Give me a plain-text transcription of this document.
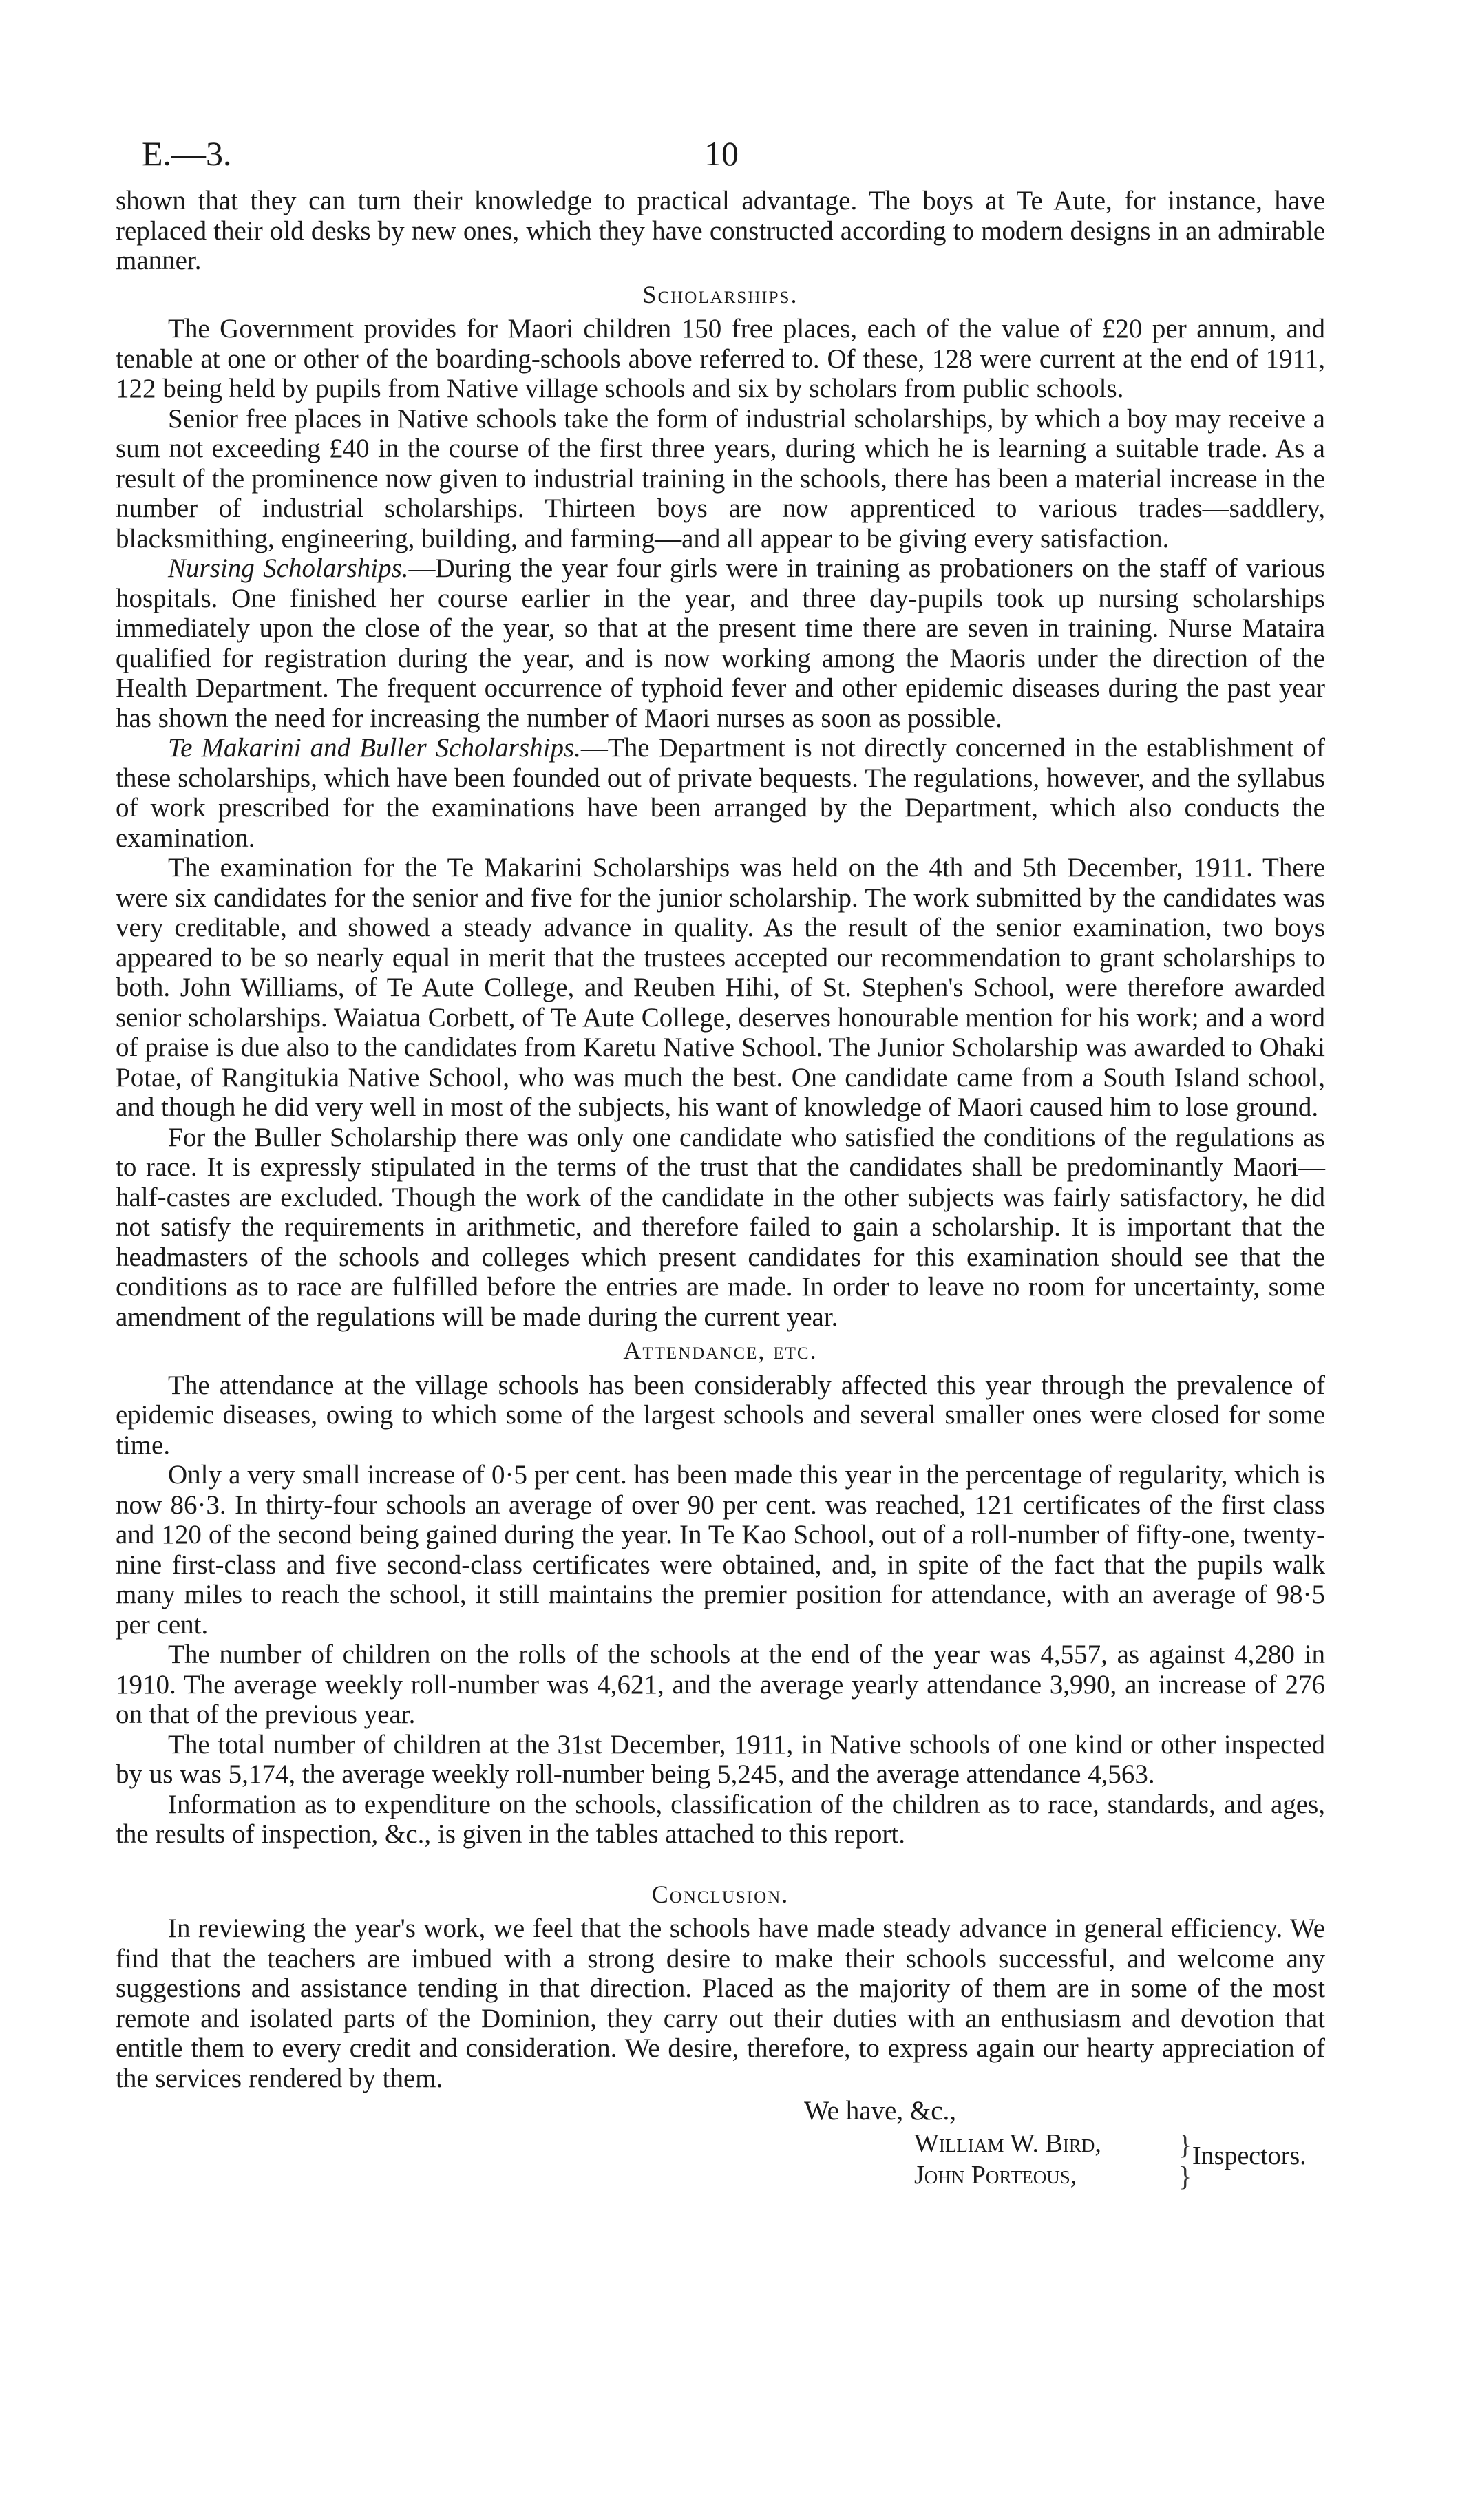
E.—3.	10

shown that they can turn their knowledge to practical advantage. The boys at Te Aute, for instance, have replaced their old desks by new ones, which they have constructed according to modern designs in an admirable manner.

Scholarships.

The Government provides for Maori children 150 free places, each of the value of £20 per annum, and tenable at one or other of the boarding-schools above referred to. Of these, 128 were current at the end of 1911, 122 being held by pupils from Native village schools and six by scholars from public schools.

Senior free places in Native schools take the form of industrial scholarships, by which a boy may receive a sum not exceeding £40 in the course of the first three years, during which he is learning a suitable trade. As a result of the prominence now given to industrial training in the schools, there has been a material increase in the number of industrial scholarships. Thirteen boys are now apprenticed to various trades—saddlery, blacksmithing, engineering, building, and farming—and all appear to be giving every satisfaction.

Nursing Scholarships.—During the year four girls were in training as probationers on the staff of various hospitals. One finished her course earlier in the year, and three day-pupils took up nursing scholarships immediately upon the close of the year, so that at the present time there are seven in training. Nurse Mataira qualified for registration during the year, and is now working among the Maoris under the direction of the Health Department. The frequent occurrence of typhoid fever and other epidemic diseases during the past year has shown the need for increasing the number of Maori nurses as soon as possible.

Te Makarini and Buller Scholarships.—The Department is not directly concerned in the establishment of these scholarships, which have been founded out of private bequests. The regulations, however, and the syllabus of work prescribed for the examinations have been arranged by the Department, which also conducts the examination.

The examination for the Te Makarini Scholarships was held on the 4th and 5th December, 1911. There were six candidates for the senior and five for the junior scholarship. The work submitted by the candidates was very creditable, and showed a steady advance in quality. As the result of the senior examination, two boys appeared to be so nearly equal in merit that the trustees accepted our recommendation to grant scholarships to both. John Williams, of Te Aute College, and Reuben Hihi, of St. Stephen's School, were therefore awarded senior scholarships. Waiatua Corbett, of Te Aute College, deserves honourable mention for his work; and a word of praise is due also to the candidates from Karetu Native School. The Junior Scholarship was awarded to Ohaki Potae, of Rangitukia Native School, who was much the best. One candidate came from a South Island school, and though he did very well in most of the subjects, his want of knowledge of Maori caused him to lose ground.

For the Buller Scholarship there was only one candidate who satisfied the conditions of the regulations as to race. It is expressly stipulated in the terms of the trust that the candidates shall be predominantly Maori—half-castes are excluded. Though the work of the candidate in the other subjects was fairly satisfactory, he did not satisfy the requirements in arithmetic, and therefore failed to gain a scholarship. It is important that the headmasters of the schools and colleges which present candidates for this examination should see that the conditions as to race are fulfilled before the entries are made. In order to leave no room for uncertainty, some amendment of the regulations will be made during the current year.

Attendance, etc.

The attendance at the village schools has been considerably affected this year through the prevalence of epidemic diseases, owing to which some of the largest schools and several smaller ones were closed for some time.

Only a very small increase of 0·5 per cent. has been made this year in the percentage of regularity, which is now 86·3. In thirty-four schools an average of over 90 per cent. was reached, 121 certificates of the first class and 120 of the second being gained during the year. In Te Kao School, out of a roll-number of fifty-one, twenty-nine first-class and five second-class certificates were obtained, and, in spite of the fact that the pupils walk many miles to reach the school, it still maintains the premier position for attendance, with an average of 98·5 per cent.

The number of children on the rolls of the schools at the end of the year was 4,557, as against 4,280 in 1910. The average weekly roll-number was 4,621, and the average yearly attendance 3,990, an increase of 276 on that of the previous year.

The total number of children at the 31st December, 1911, in Native schools of one kind or other inspected by us was 5,174, the average weekly roll-number being 5,245, and the average attendance 4,563.

Information as to expenditure on the schools, classification of the children as to race, standards, and ages, the results of inspection, &c., is given in the tables attached to this report.

Conclusion.

In reviewing the year's work, we feel that the schools have made steady advance in general efficiency. We find that the teachers are imbued with a strong desire to make their schools successful, and welcome any suggestions and assistance tending in that direction. Placed as the majority of them are in some of the most remote and isolated parts of the Dominion, they carry out their duties with an enthusiasm and devotion that entitle them to every credit and consideration. We desire, therefore, to express again our hearty appreciation of the services rendered by them.

We have, &c.,
William W. Bird,
John Porteous,
}
}
Inspectors.
